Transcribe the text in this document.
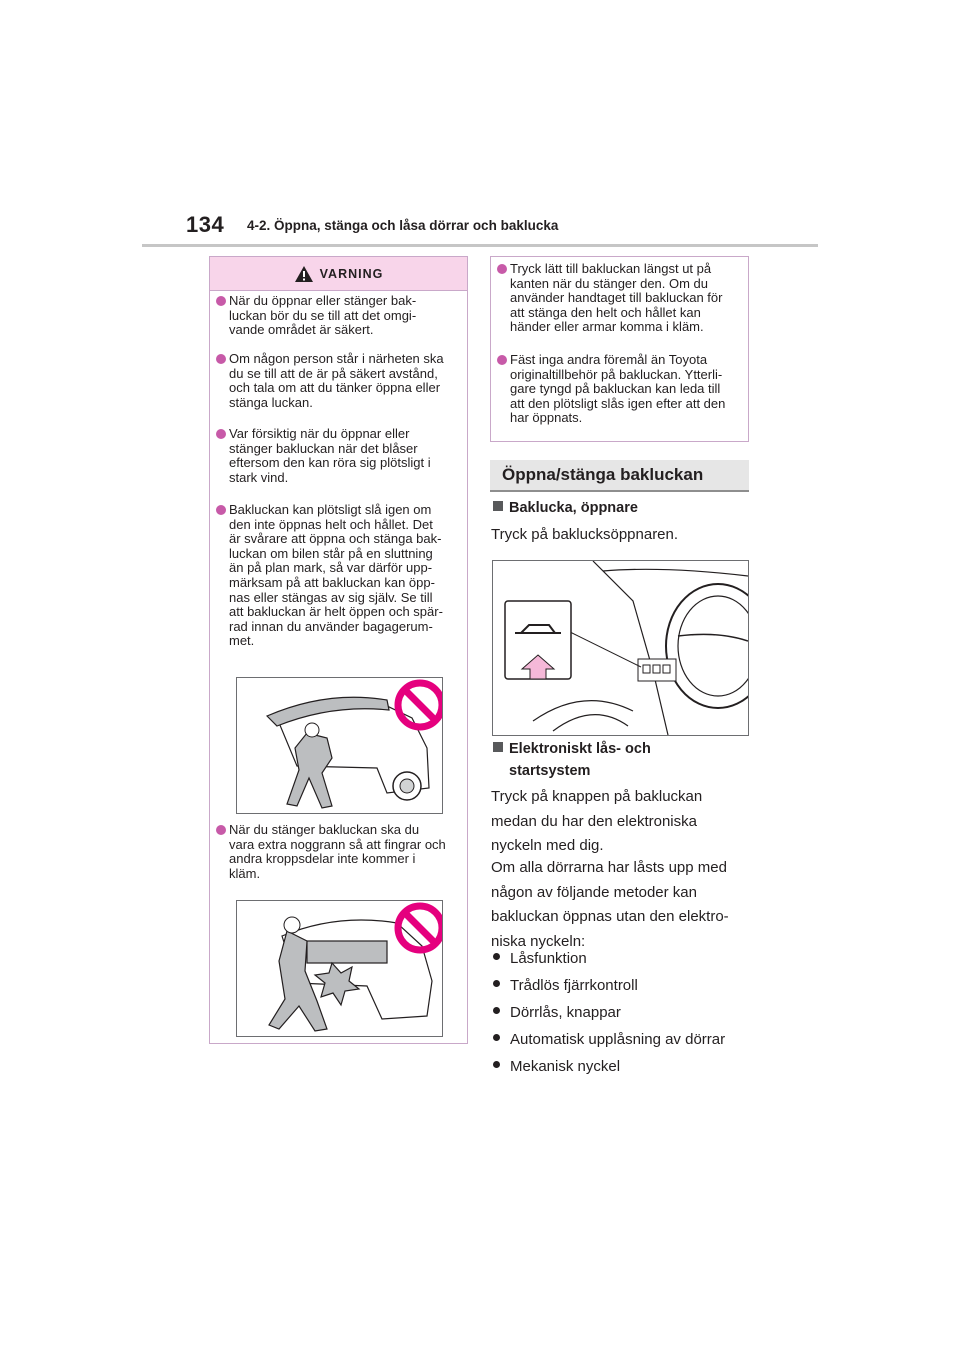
134 4-2. Öppna, stänga och låsa dörrar och baklucka
VARNING
När du öppnar eller stänger bak-
luckan bör du se till att det omgi-
vande området är säkert.
Om någon person står i närheten ska
du se till att de är på säkert avstånd,
och tala om att du tänker öppna eller
stänga luckan.
Var försiktig när du öppnar eller
stänger bakluckan när det blåser
eftersom den kan röra sig plötsligt i
stark vind.
Bakluckan kan plötsligt slå igen om
den inte öppnas helt och hållet. Det
är svårare att öppna och stänga bak-
luckan om bilen står på en sluttning
än på plan mark, så var därför upp-
märksam på att bakluckan kan öpp-
nas eller stängas av sig själv. Se till
att bakluckan är helt öppen och spär-
rad innan du använder bagagerum-
met.
När du stänger bakluckan ska du
vara extra noggrann så att fingrar och
andra kroppsdelar inte kommer i
kläm.
Tryck lätt till bakluckan längst ut på
kanten när du stänger den. Om du
använder handtaget till bakluckan för
att stänga den helt och hållet kan
händer eller armar komma i kläm.
Fäst inga andra föremål än Toyota
originaltillbehör på bakluckan. Ytterli-
gare tyngd på bakluckan kan leda till
att den plötsligt slås igen efter att den
har öppnats.
Öppna/stänga bakluckan
Baklucka, öppnare
Tryck på baklucksöppnaren.
Elektroniskt lås- och
startsystem
Tryck på knappen på bakluckan
medan du har den elektroniska
nyckeln med dig.
Om alla dörrarna har låsts upp med
någon av följande metoder kan
bakluckan öppnas utan den elektro-
niska nyckeln:
Låsfunktion
Trådlös fjärrkontroll
Dörrlås, knappar
Automatisk upplåsning av dörrar
Mekanisk nyckel
